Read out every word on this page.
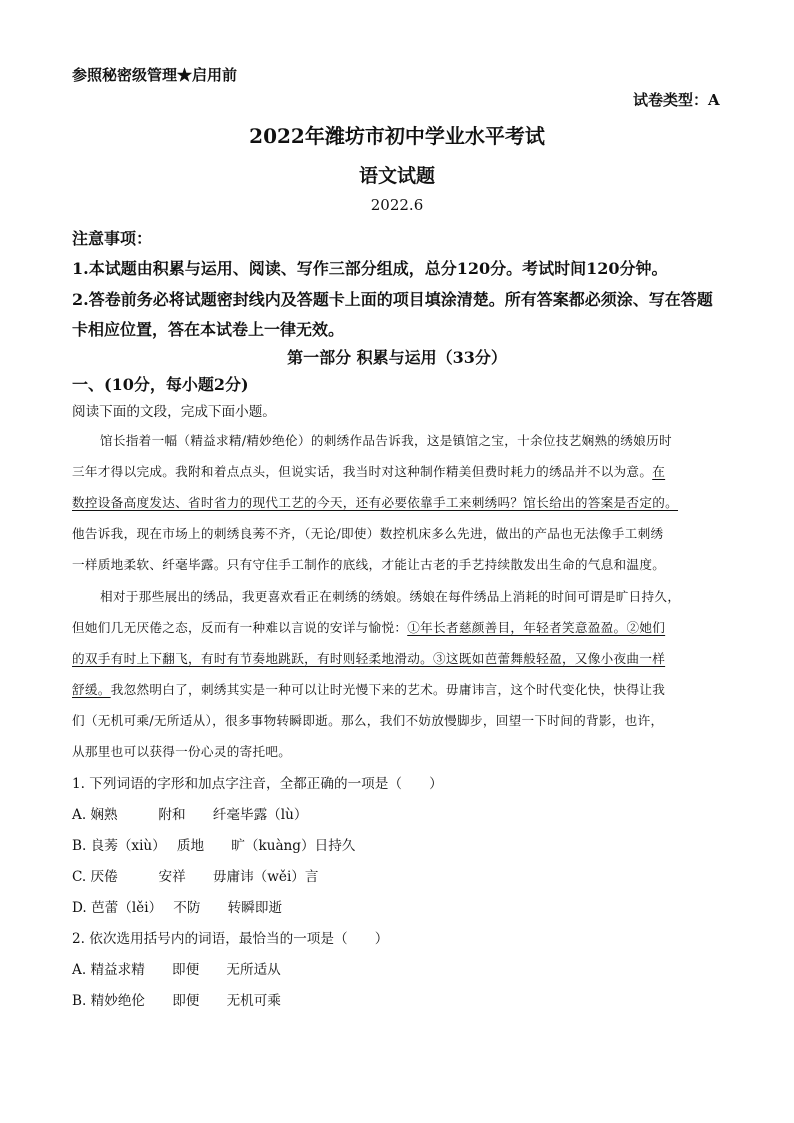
参照秘密级管理★启用前
试卷类型：A
2022年潍坊市初中学业水平考试
语文试题
2022.6
注意事项：
1.本试题由积累与运用、阅读、写作三部分组成，总分120分。考试时间120分钟。
2.答卷前务必将试题密封线内及答题卡上面的项目填涂清楚。所有答案都必须涂、写在答题
卡相应位置，答在本试卷上一律无效。
第一部分 积累与运用（33分）
一、(10分，每小题2分)
阅读下面的文段，完成下面小题。
馆长指着一幅（精益求精/精妙绝伦）的刺绣作品告诉我，这是镇馆之宝，十余位技艺娴熟的绣娘历时
三年才得以完成。我附和着点点头，但说实话，我当时对这种制作精美但费时耗力的绣品并不以为意。在
数控设备高度发达、省时省力的现代工艺的今天，还有必要依靠手工来刺绣吗？馆长给出的答案是否定的。
他告诉我，现在市场上的刺绣良莠不齐，（无论/即使）数控机床多么先进，做出的产品也无法像手工刺绣
一样质地柔软、纤毫毕露。只有守住手工制作的底线，才能让古老的手艺持续散发出生命的气息和温度。
相对于那些展出的绣品，我更喜欢看正在刺绣的绣娘。绣娘在每件绣品上消耗的时间可谓是旷日持久，
但她们几无厌倦之态，反而有一种难以言说的安详与愉悦：①年长者慈颜善目，年轻者笑意盈盈。②她们
的双手有时上下翻飞，有时有节奏地跳跃，有时则轻柔地滑动。③这既如芭蕾舞般轻盈，又像小夜曲一样
舒缓。我忽然明白了，刺绣其实是一种可以让时光慢下来的艺术。毋庸讳言，这个时代变化快，快得让我
们（无机可乘/无所适从），很多事物转瞬即逝。那么，我们不妨放慢脚步，回望一下时间的背影，也许，
从那里也可以获得一份心灵的寄托吧。
1. 下列词语的字形和加点字注音，全都正确的一项是（　　）
A. 娴熟　　　附和　　纤毫毕露（lù）
B. 良莠（xiù）　 质地　　旷（kuàng）日持久
C. 厌倦　　　安祥　　毋庸讳（wěi）言
D. 芭蕾（lěi）　 不防　　转瞬即逝
2. 依次选用括号内的词语，最恰当的一项是（　　）
A. 精益求精　　即便　　无所适从
B. 精妙绝伦　　即便　　无机可乘
